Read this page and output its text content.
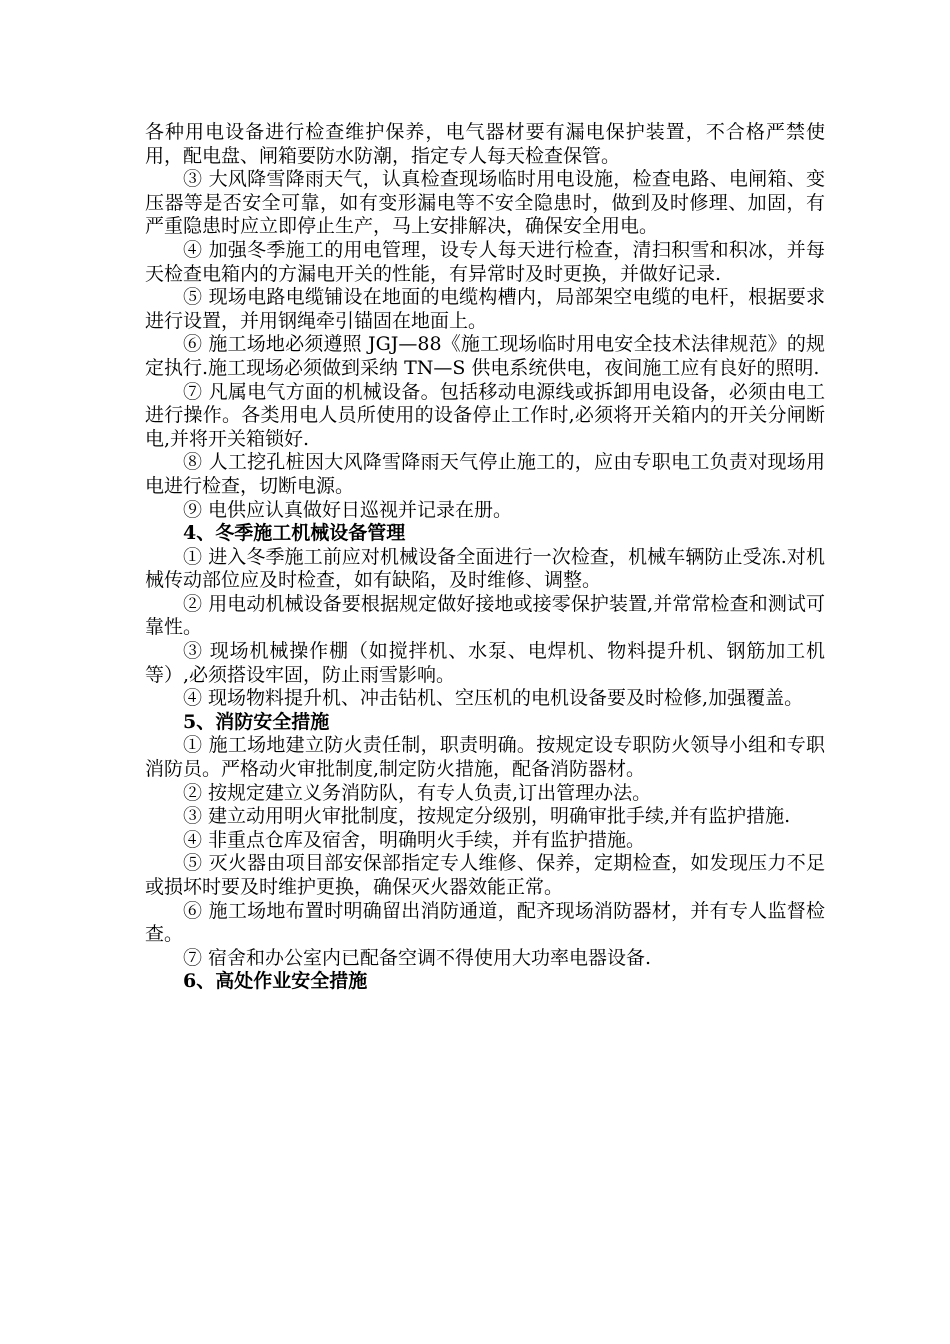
各种用电设备进行检查维护保养，电气器材要有漏电保护装置，不合格严禁使用，配电盘、闸箱要防水防潮，指定专人每天检查保管。

③ 大风降雪降雨天气，认真检查现场临时用电设施，检查电路、电闸箱、变压器等是否安全可靠，如有变形漏电等不安全隐患时，做到及时修理、加固，有严重隐患时应立即停止生产，马上安排解决，确保安全用电。

④ 加强冬季施工的用电管理，设专人每天进行检查，清扫积雪和积冰，并每天检查电箱内的方漏电开关的性能，有异常时及时更换，并做好记录.

⑤ 现场电路电缆铺设在地面的电缆构槽内，局部架空电缆的电杆，根据要求进行设置，并用钢绳牵引锚固在地面上。

⑥ 施工场地必须遵照 JGJ—88《施工现场临时用电安全技术法律规范》的规定执行.施工现场必须做到采纳 TN—S 供电系统供电，夜间施工应有良好的照明.

⑦ 凡属电气方面的机械设备。包括移动电源线或拆卸用电设备，必须由电工进行操作。各类用电人员所使用的设备停止工作时,必须将开关箱内的开关分闸断电,并将开关箱锁好.

⑧ 人工挖孔桩因大风降雪降雨天气停止施工的，应由专职电工负责对现场用电进行检查，切断电源。

⑨ 电供应认真做好日巡视并记录在册。

4、冬季施工机械设备管理

① 进入冬季施工前应对机械设备全面进行一次检查，机械车辆防止受冻.对机械传动部位应及时检查，如有缺陷，及时维修、调整。

② 用电动机械设备要根据规定做好接地或接零保护装置,并常常检查和测试可靠性。

③ 现场机械操作棚（如搅拌机、水泵、电焊机、物料提升机、钢筋加工机等）,必须搭设牢固，防止雨雪影响。

④ 现场物料提升机、冲击钻机、空压机的电机设备要及时检修,加强覆盖。

5、消防安全措施

① 施工场地建立防火责任制，职责明确。按规定设专职防火领导小组和专职消防员。严格动火审批制度,制定防火措施，配备消防器材。

② 按规定建立义务消防队，有专人负责,订出管理办法。

③ 建立动用明火审批制度，按规定分级别，明确审批手续,并有监护措施.

④ 非重点仓库及宿舍，明确明火手续，并有监护措施。

⑤ 灭火器由项目部安保部指定专人维修、保养，定期检查，如发现压力不足或损坏时要及时维护更换，确保灭火器效能正常。

⑥ 施工场地布置时明确留出消防通道，配齐现场消防器材，并有专人监督检查。

⑦ 宿舍和办公室内已配备空调不得使用大功率电器设备.

6、高处作业安全措施
